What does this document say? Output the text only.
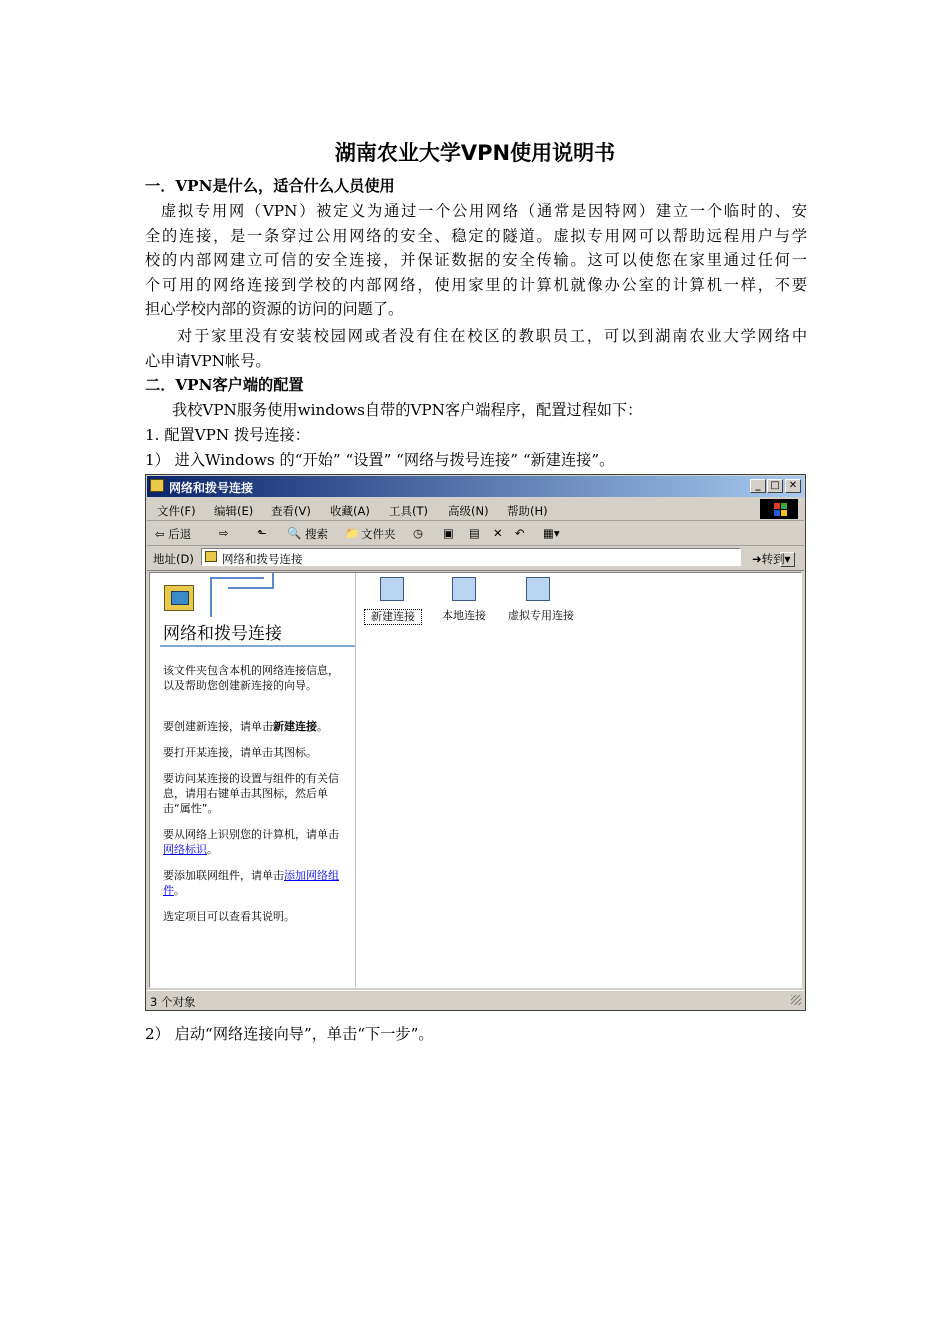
湖南农业大学VPN使用说明书
一．VPN是什么，适合什么人员使用
虚拟专用网（VPN）被定义为通过一个公用网络（通常是因特网）建立一个临时的、安
全的连接，是一条穿过公用网络的安全、稳定的隧道。虚拟专用网可以帮助远程用户与学
校的内部网建立可信的安全连接，并保证数据的安全传输。这可以使您在家里通过任何一
个可用的网络连接到学校的内部网络，使用家里的计算机就像办公室的计算机一样，不要
担心学校内部的资源的访问的问题了。
对于家里没有安装校园网或者没有住在校区的教职员工，可以到湖南农业大学网络中
心申请VPN帐号。
二．VPN客户端的配置
我校VPN服务使用windows自带的VPN客户端程序，配置过程如下：
1. 配置VPN 拨号连接：
1） 进入Windows 的“开始” “设置” “网络与拨号连接” “新建连接”。
网络和拨号连接	_ □ ✕
文件(F) 编辑(E) 查看(V) 收藏(A) 工具(T) 高级(N) 帮助(H)
⇦ 后退 ⇨ ⬑ 🔍 搜索 📁 文件夹 ◷ ▣ ▤ ✕ ↶ ▦▾
地址(D) 网络和拨号连接	▼
➜转到
网络和拨号连接
该文件夹包含本机的网络连接信息，以及帮助您创建新连接的向导。
要创建新连接，请单击新建连接。
要打开某连接，请单击其图标。
要访问某连接的设置与组件的有关信息，请用右键单击其图标，然后单击“属性”。
要从网络上识别您的计算机，请单击网络标识。
要添加联网组件，请单击添加网络组件。
选定项目可以查看其说明。
新建连接	本地连接	虚拟专用连接
3 个对象
2） 启动“网络连接向导”，单击“下一步”。
